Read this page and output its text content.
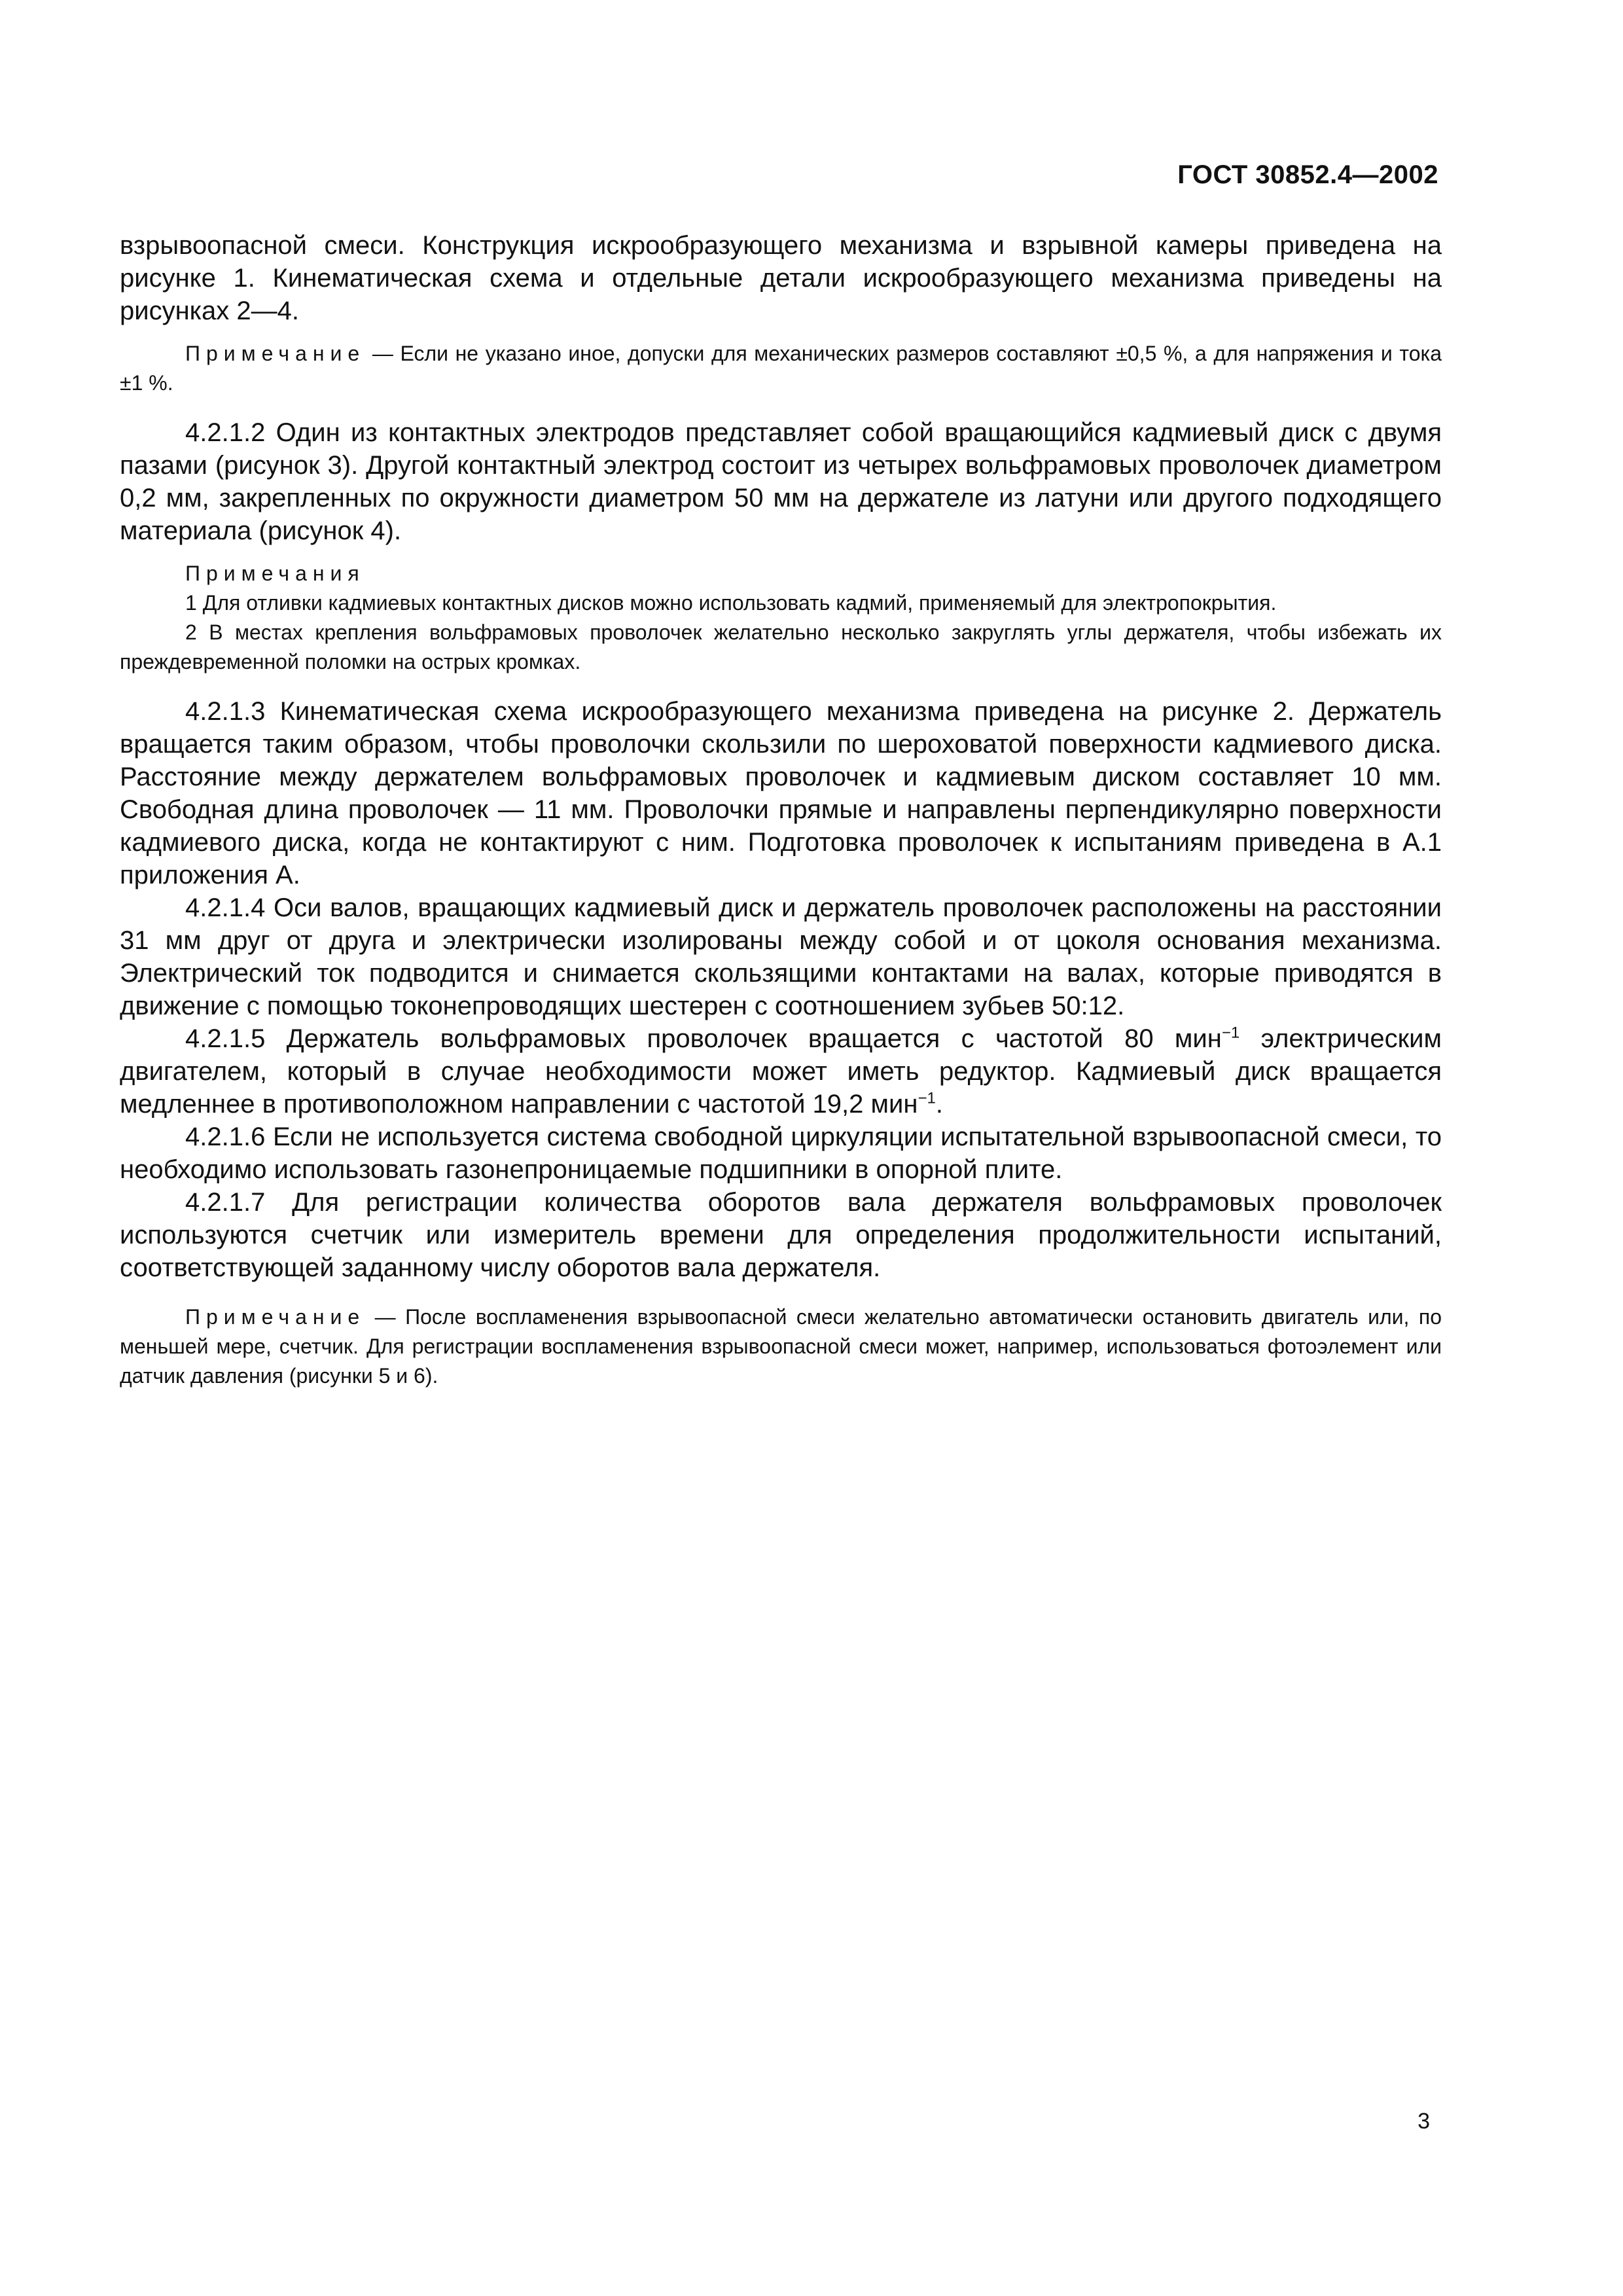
ГОСТ 30852.4—2002

взрывоопасной смеси. Конструкция искрообразующего механизма и взрывной камеры приведена на рисунке 1. Кинематическая схема и отдельные детали искрообразующего механизма приведены на рисунках 2—4.

Примечание — Если не указано иное, допуски для механических размеров составляют ±0,5 %, а для напряжения и тока ±1 %.

4.2.1.2 Один из контактных электродов представляет собой вращающийся кадмиевый диск с двумя пазами (рисунок 3). Другой контактный электрод состоит из четырех вольфрамовых проволочек диаметром 0,2 мм, закрепленных по окружности диаметром 50 мм на держателе из латуни или другого подходящего материала (рисунок 4).

Примечания

1 Для отливки кадмиевых контактных дисков можно использовать кадмий, применяемый для электропокрытия.

2 В местах крепления вольфрамовых проволочек желательно несколько закруглять углы держателя, чтобы избежать их преждевременной поломки на острых кромках.

4.2.1.3 Кинематическая схема искрообразующего механизма приведена на рисунке 2. Держатель вращается таким образом, чтобы проволочки скользили по шероховатой поверхности кадмиевого диска. Расстояние между держателем вольфрамовых проволочек и кадмиевым диском составляет 10 мм. Свободная длина проволочек — 11 мм. Проволочки прямые и направлены перпендикулярно поверхности кадмиевого диска, когда не контактируют с ним. Подготовка проволочек к испытаниям приведена в А.1 приложения А.

4.2.1.4 Оси валов, вращающих кадмиевый диск и держатель проволочек расположены на расстоянии 31 мм друг от друга и электрически изолированы между собой и от цоколя основания механизма. Электрический ток подводится и снимается скользящими контактами на валах, которые приводятся в движение с помощью токонепроводящих шестерен с соотношением зубьев 50:12.

4.2.1.5 Держатель вольфрамовых проволочек вращается с частотой 80 мин$^{-1}$ электрическим двигателем, который в случае необходимости может иметь редуктор. Кадмиевый диск вращается медленнее в противоположном направлении с частотой 19,2 мин$^{-1}$.

4.2.1.6 Если не используется система свободной циркуляции испытательной взрывоопасной смеси, то необходимо использовать газонепроницаемые подшипники в опорной плите.

4.2.1.7 Для регистрации количества оборотов вала держателя вольфрамовых проволочек используются счетчик или измеритель времени для определения продолжительности испытаний, соответствующей заданному числу оборотов вала держателя.

Примечание — После воспламенения взрывоопасной смеси желательно автоматически остановить двигатель или, по меньшей мере, счетчик. Для регистрации воспламенения взрывоопасной смеси может, например, использоваться фотоэлемент или датчик давления (рисунки 5 и 6).

3
